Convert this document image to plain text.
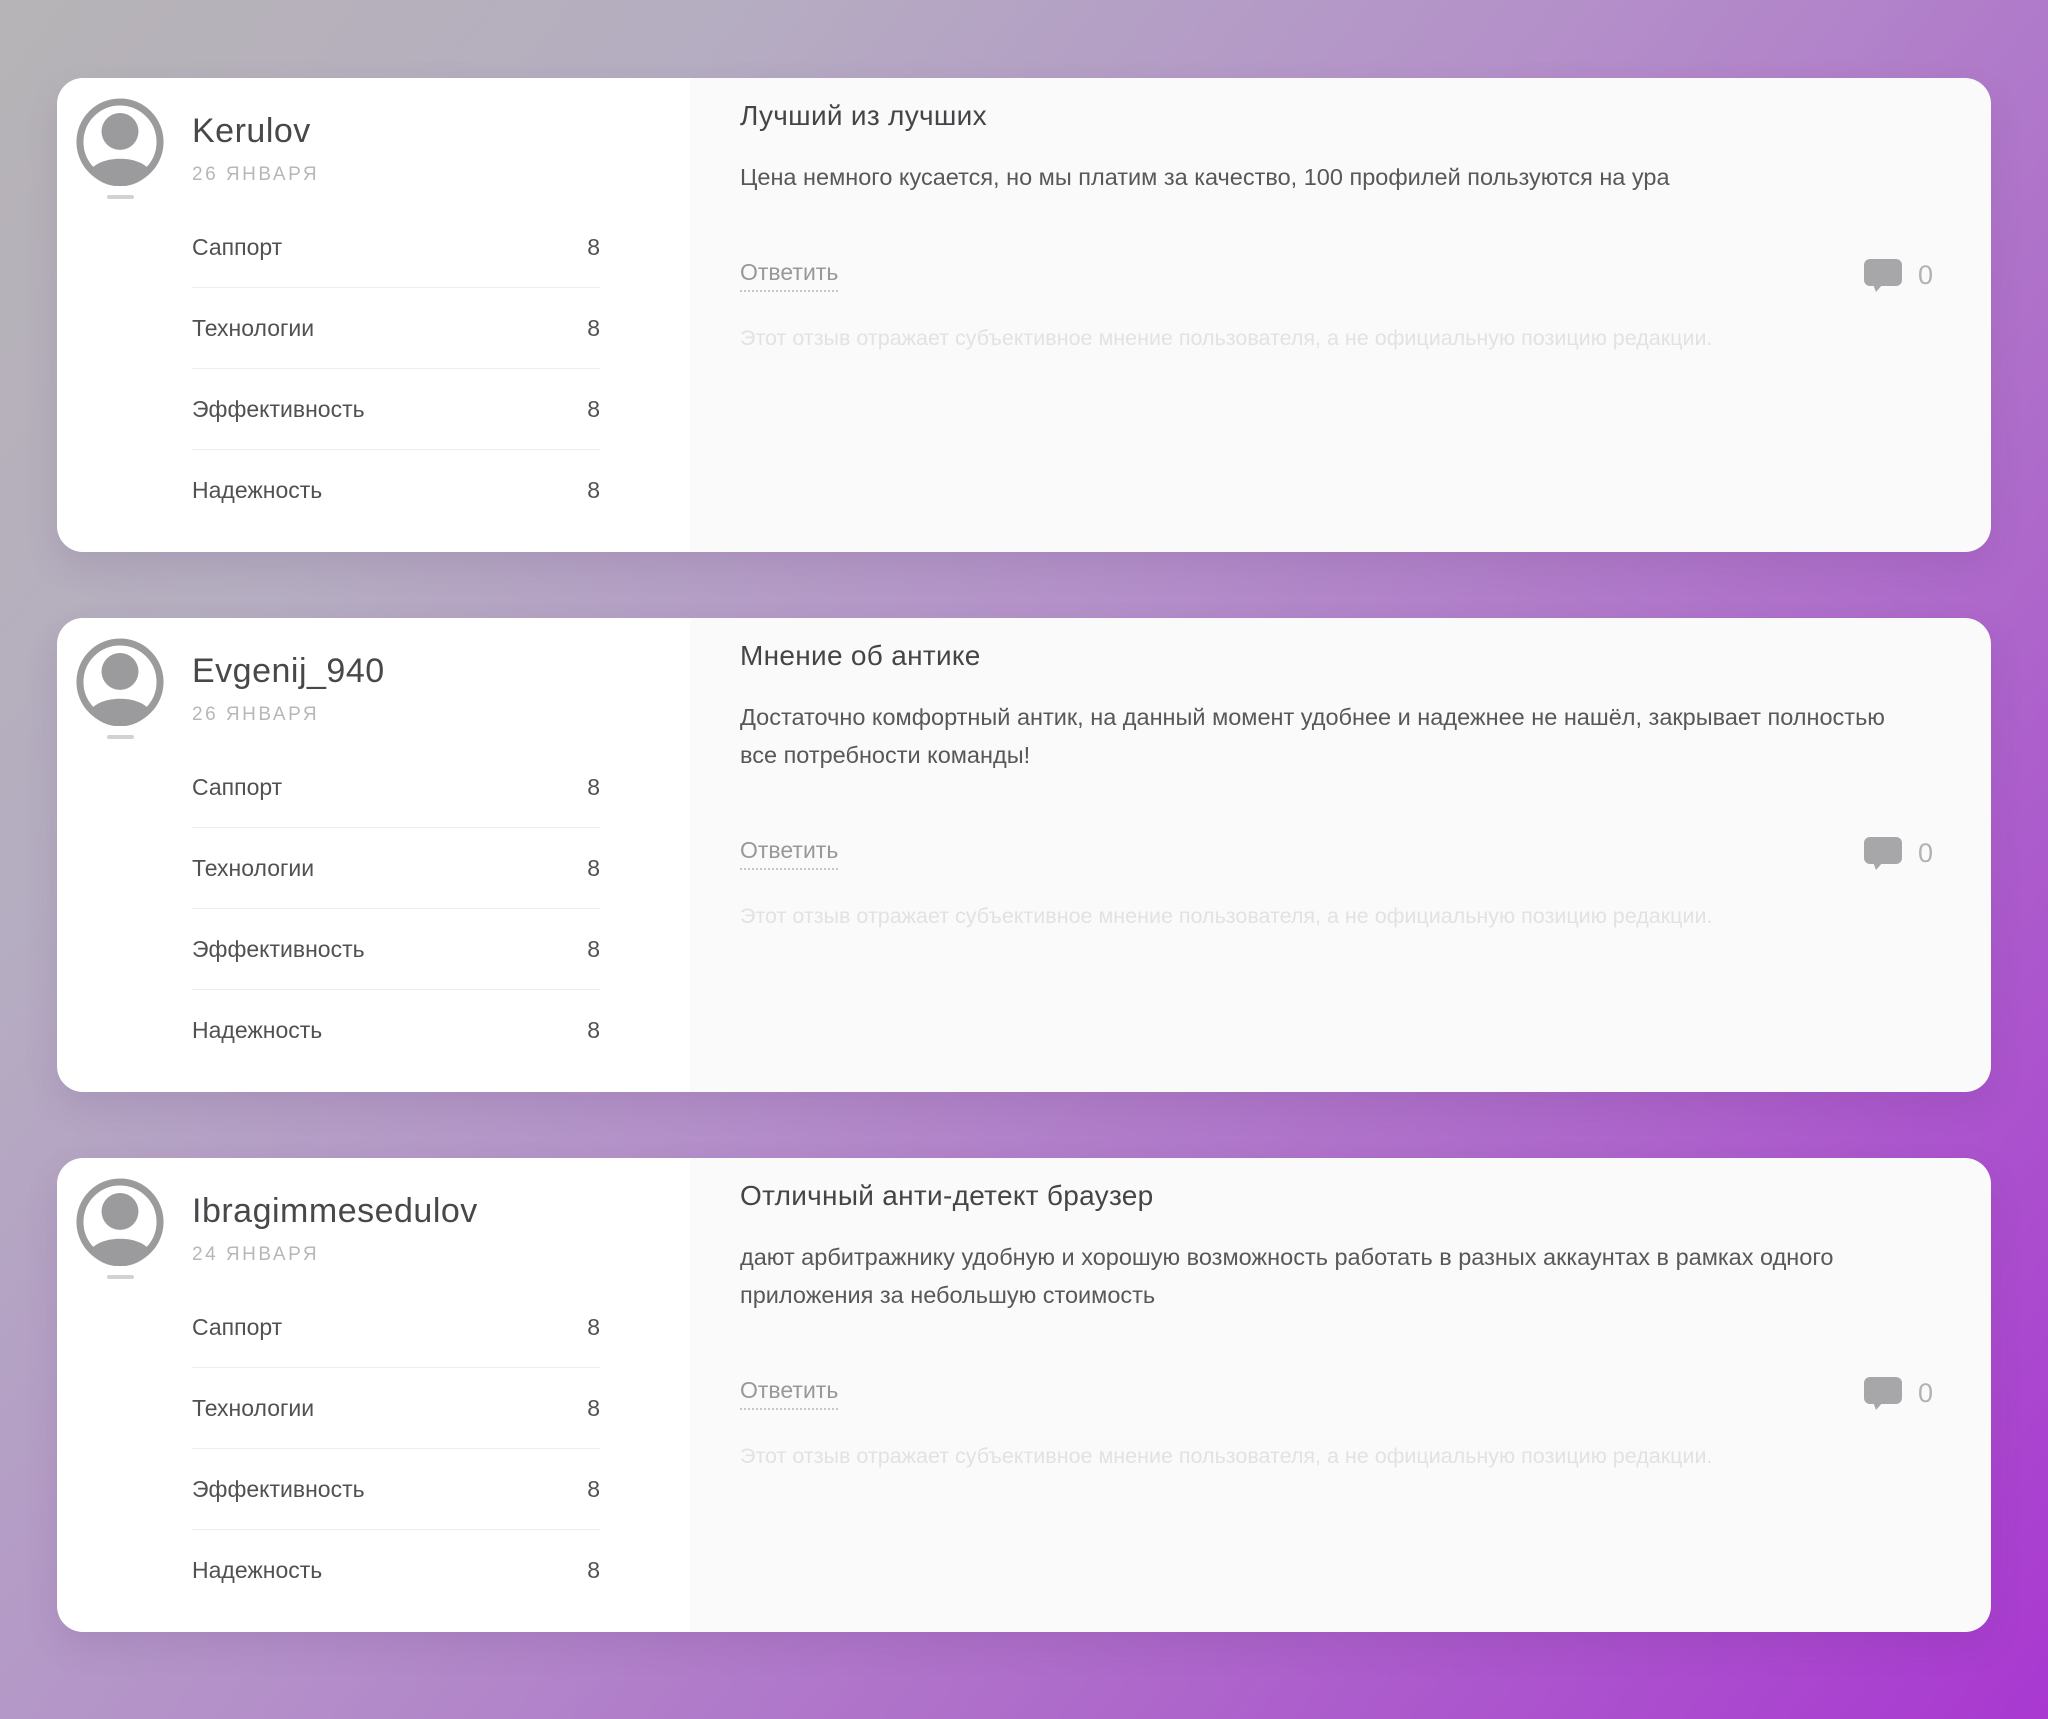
Kerulov
26 ЯНВАРЯ
Саппорт	8
Технологии	8
Эффективность	8
Надежность	8
Лучший из лучших

Цена немного кусается, но мы платим за качество, 100 профилей пользуются на ура

Ответить	0

Этот отзыв отражает субъективное мнение пользователя, а не официальную позицию редакции.

Evgenij_940
26 ЯНВАРЯ
Саппорт	8
Технологии	8
Эффективность	8
Надежность	8
Мнение об антике

Достаточно комфортный антик, на данный момент удобнее и надежнее не нашёл, закрывает полностью все потребности команды!

Ответить	0

Этот отзыв отражает субъективное мнение пользователя, а не официальную позицию редакции.

Ibragimmesedulov
24 ЯНВАРЯ
Саппорт	8
Технологии	8
Эффективность	8
Надежность	8
Отличный анти-детект браузер

дают арбитражнику удобную и хорошую возможность работать в разных аккаунтах в рамках одного приложения за небольшую стоимость

Ответить	0

Этот отзыв отражает субъективное мнение пользователя, а не официальную позицию редакции.
